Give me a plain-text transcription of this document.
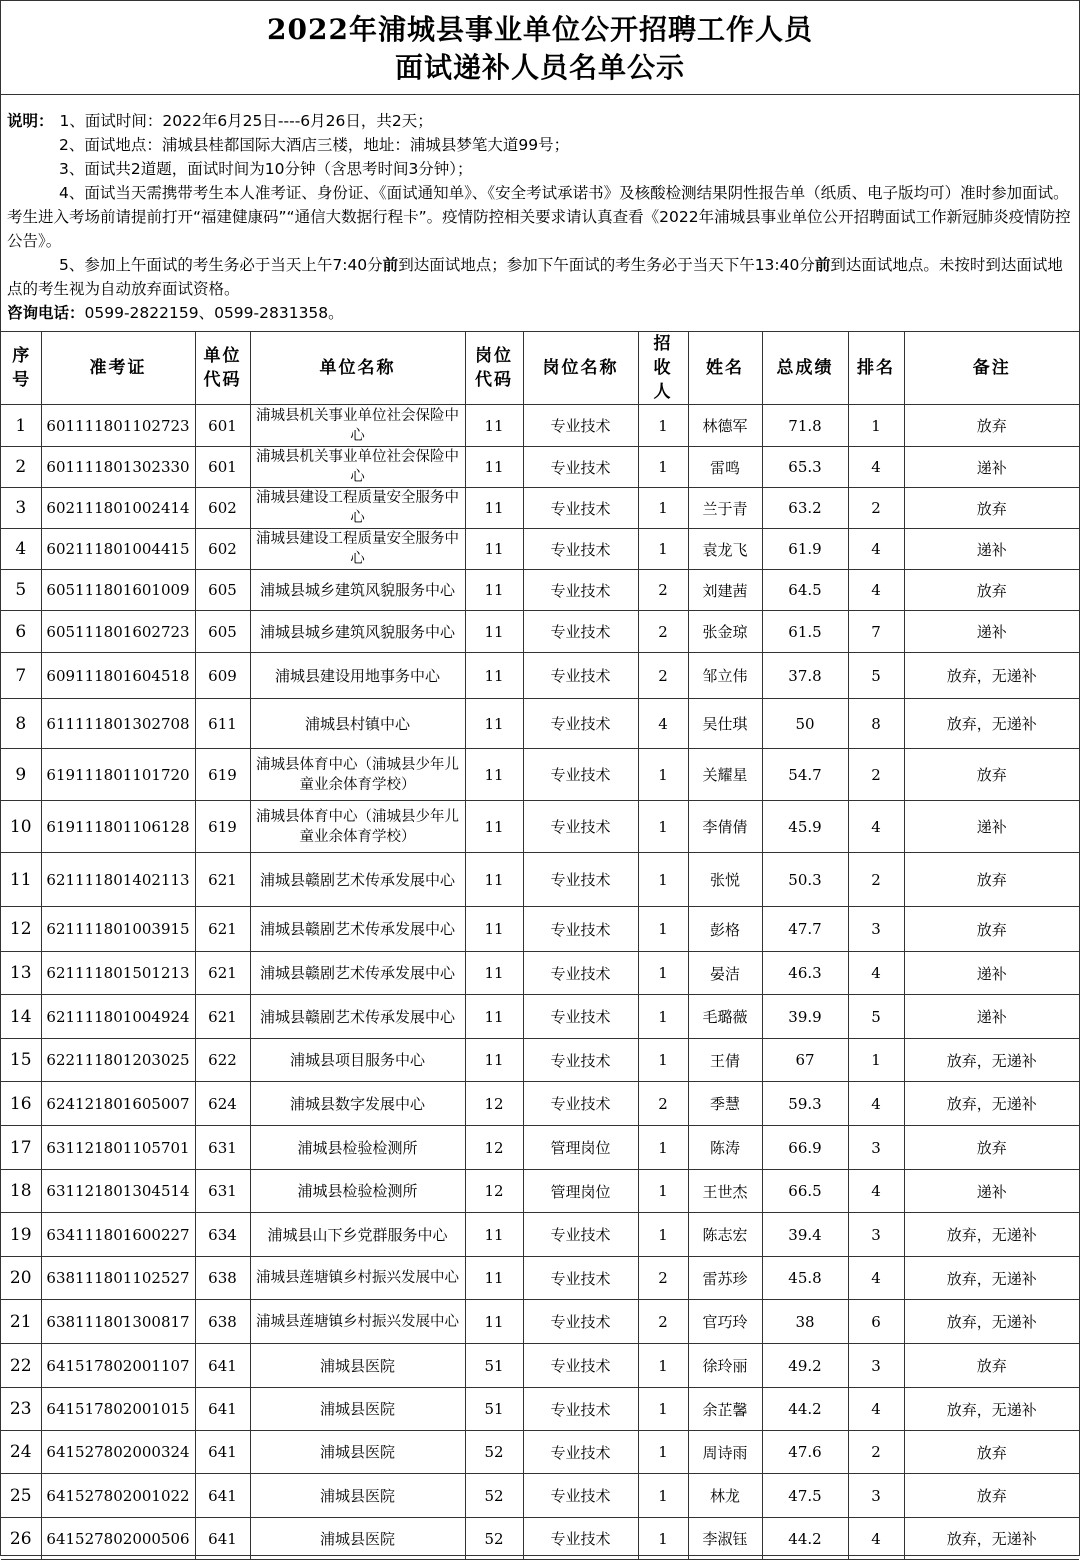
2022年浦城县事业单位公开招聘工作人员
面试递补人员名单公示
说明： 1、面试时间：2022年6月25日----6月26日，共2天；
2、面试地点：浦城县桂都国际大酒店三楼，地址：浦城县梦笔大道99号；
3、面试共2道题，面试时间为10分钟（含思考时间3分钟）；
4、面试当天需携带考生本人准考证、身份证、《面试通知单》、《安全考试承诺书》及核酸检测结果阴性报告单（纸质、电子版均可）准时参加面试。考生进入考场前请提前打开“福建健康码”“通信大数据行程卡”。疫情防控相关要求请认真查看《2022年浦城县事业单位公开招聘面试工作新冠肺炎疫情防控公告》。
5、参加上午面试的考生务必于当天上午7:40分前到达面试地点；参加下午面试的考生务必于当天下午13:40分前到达面试地点。未按时到达面试地点的考生视为自动放弃面试资格。
咨询电话：0599-2822159、0599-2831358。
序号	准考证	单位代码	单位名称	岗位代码	岗位名称	招收人	姓名	总成绩	排名	备注
1	601111801102723	601	浦城县机关事业单位社会保险中心	11	专业技术	1	林德军	71.8	1	放弃
2	601111801302330	601	浦城县机关事业单位社会保险中心	11	专业技术	1	雷鸣	65.3	4	递补
3	602111801002414	602	浦城县建设工程质量安全服务中心	11	专业技术	1	兰于青	63.2	2	放弃
4	602111801004415	602	浦城县建设工程质量安全服务中心	11	专业技术	1	袁龙飞	61.9	4	递补
5	605111801601009	605	浦城县城乡建筑风貌服务中心	11	专业技术	2	刘建茜	64.5	4	放弃
6	605111801602723	605	浦城县城乡建筑风貌服务中心	11	专业技术	2	张金琼	61.5	7	递补
7	609111801604518	609	浦城县建设用地事务中心	11	专业技术	2	邹立伟	37.8	5	放弃，无递补
8	611111801302708	611	浦城县村镇中心	11	专业技术	4	吴仕琪	50	8	放弃，无递补
9	619111801101720	619	浦城县体育中心（浦城县少年儿童业余体育学校）	11	专业技术	1	关耀星	54.7	2	放弃
10	619111801106128	619	浦城县体育中心（浦城县少年儿童业余体育学校）	11	专业技术	1	李倩倩	45.9	4	递补
11	621111801402113	621	浦城县赣剧艺术传承发展中心	11	专业技术	1	张悦	50.3	2	放弃
12	621111801003915	621	浦城县赣剧艺术传承发展中心	11	专业技术	1	彭格	47.7	3	放弃
13	621111801501213	621	浦城县赣剧艺术传承发展中心	11	专业技术	1	晏洁	46.3	4	递补
14	621111801004924	621	浦城县赣剧艺术传承发展中心	11	专业技术	1	毛璐薇	39.9	5	递补
15	622111801203025	622	浦城县项目服务中心	11	专业技术	1	王倩	67	1	放弃，无递补
16	624121801605007	624	浦城县数字发展中心	12	专业技术	2	季慧	59.3	4	放弃，无递补
17	631121801105701	631	浦城县检验检测所	12	管理岗位	1	陈涛	66.9	3	放弃
18	631121801304514	631	浦城县检验检测所	12	管理岗位	1	王世杰	66.5	4	递补
19	634111801600227	634	浦城县山下乡党群服务中心	11	专业技术	1	陈志宏	39.4	3	放弃，无递补
20	638111801102527	638	浦城县莲塘镇乡村振兴发展中心	11	专业技术	2	雷苏珍	45.8	4	放弃，无递补
21	638111801300817	638	浦城县莲塘镇乡村振兴发展中心	11	专业技术	2	官巧玲	38	6	放弃，无递补
22	641517802001107	641	浦城县医院	51	专业技术	1	徐玲丽	49.2	3	放弃
23	641517802001015	641	浦城县医院	51	专业技术	1	余芷馨	44.2	4	放弃，无递补
24	641527802000324	641	浦城县医院	52	专业技术	1	周诗雨	47.6	2	放弃
25	641527802001022	641	浦城县医院	52	专业技术	1	林龙	47.5	3	放弃
26	641527802000506	641	浦城县医院	52	专业技术	1	李淑钰	44.2	4	放弃，无递补
